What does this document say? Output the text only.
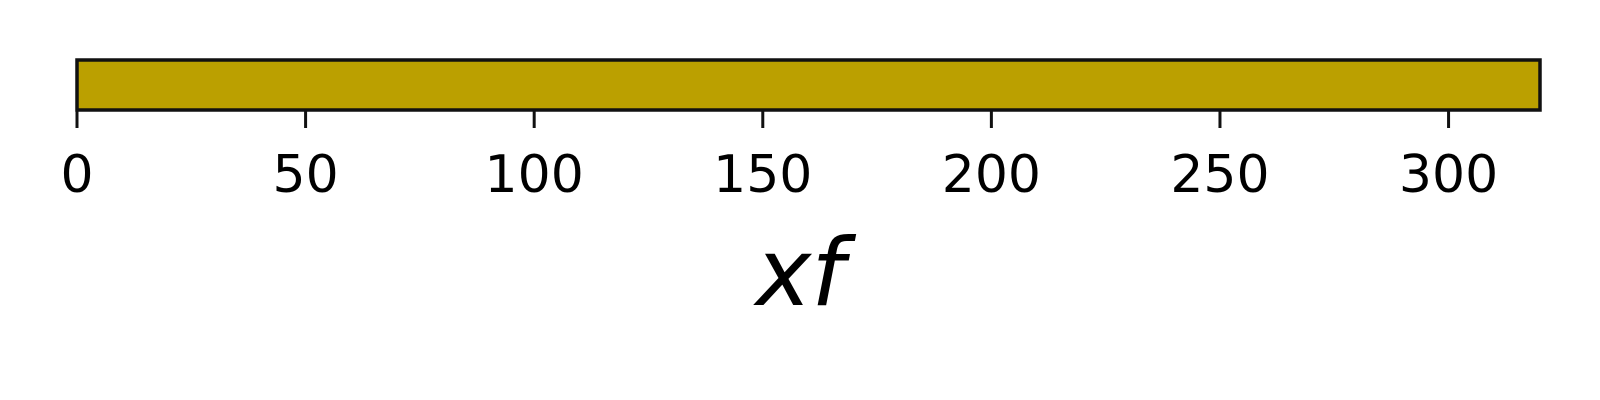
0	50	100 150 200 250 300
xf
